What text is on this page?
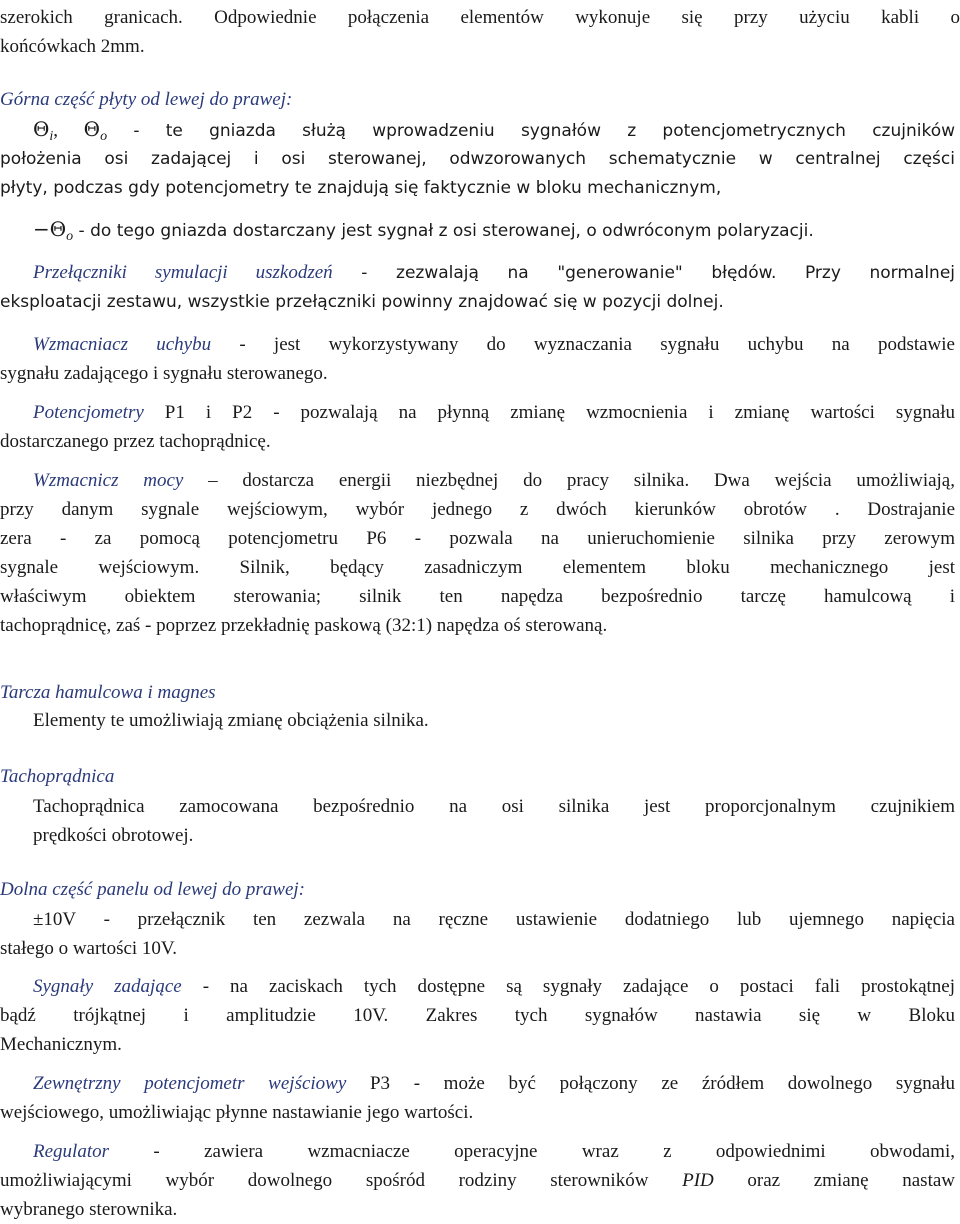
szerokich granicach. Odpowiednie połączenia elementów wykonuje się przy użyciu kabli o
końcówkach 2mm.

Górna część płyty od lewej do prawej:

$\Theta_i$, $\Theta_o$ - te gniazda służą wprowadzeniu sygnałów z potencjometrycznych czujników

położenia osi zadającej i osi sterowanej, odwzorowanych schematycznie w centralnej części
płyty, podczas gdy potencjometry te znajdują się faktycznie w bloku mechanicznym,

$-\Theta_o$ - do tego gniazda dostarczany jest sygnał z osi sterowanej, o odwróconym polaryzacji.

Przełączniki symulacji uszkodzeń - zezwalają na "generowanie" błędów. Przy normalnej
eksploatacji zestawu, wszystkie przełączniki powinny znajdować się w pozycji dolnej.

Wzmacniacz uchybu - jest wykorzystywany do wyznaczania sygnału uchybu na podstawie
sygnału zadającego i sygnału sterowanego.

Potencjometry P1 i P2 - pozwalają na płynną zmianę wzmocnienia i zmianę wartości sygnału
dostarczanego przez tachoprądnicę.

Wzmacnicz mocy – dostarcza energii niezbędnej do pracy silnika. Dwa wejścia umożliwiają,
przy danym sygnale wejściowym, wybór jednego z dwóch kierunków obrotów . Dostrajanie
zera - za pomocą potencjometru P6 - pozwala na unieruchomienie silnika przy zerowym
sygnale wejściowym. Silnik, będący zasadniczym elementem bloku mechanicznego jest
właściwym obiektem sterowania; silnik ten napędza bezpośrednio tarczę hamulcową i
tachoprądnicę, zaś - poprzez przekładnię paskową (32:1) napędza oś sterowaną.

Tarcza hamulcowa i magnes

Elementy te umożliwiają zmianę obciążenia silnika.

Tachoprądnica

Tachoprądnica zamocowana bezpośrednio na osi silnika jest proporcjonalnym czujnikiem
prędkości obrotowej.

Dolna część panelu od lewej do prawej:

±10V - przełącznik ten zezwala na ręczne ustawienie dodatniego lub ujemnego napięcia
stałego o wartości 10V.

Sygnały zadające - na zaciskach tych dostępne są sygnały zadające o postaci fali prostokątnej
bądź trójkątnej i amplitudzie 10V. Zakres tych sygnałów nastawia się w Bloku
Mechanicznym.

Zewnętrzny potencjometr wejściowy P3 - może być połączony ze źródłem dowolnego sygnału
wejściowego, umożliwiając płynne nastawianie jego wartości.

Regulator - zawiera wzmacniacze operacyjne wraz z odpowiednimi obwodami,
umożliwiającymi wybór dowolnego spośród rodziny sterowników PID oraz zmianę nastaw
wybranego sterownika.
